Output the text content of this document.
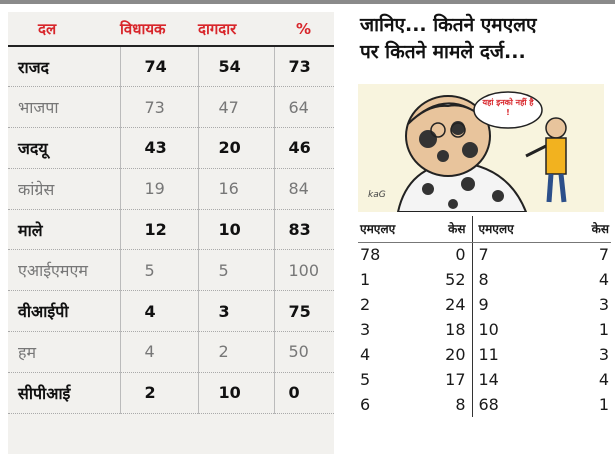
दल	विधायक	दागदार	%
राजद	74	54	73
भाजपा	73	47	64
जदयू	43	20	46
कांग्रेस	19	16	84
माले	12	10	83
एआईएमएम	5	5	100
वीआईपी	4	3	75
हम	4	2	50
सीपीआई	2	10	0
जानिए... कितने एमएलए
पर कितने मामले दर्ज...
यहां इनको नहीं है !
kaG
एमएलए	केस	एमएलए	केस
78	0	7	7
1	52	8	4
2	24	9	3
3	18	10	1
4	20	11	3
5	17	14	4
6	8	68	1
